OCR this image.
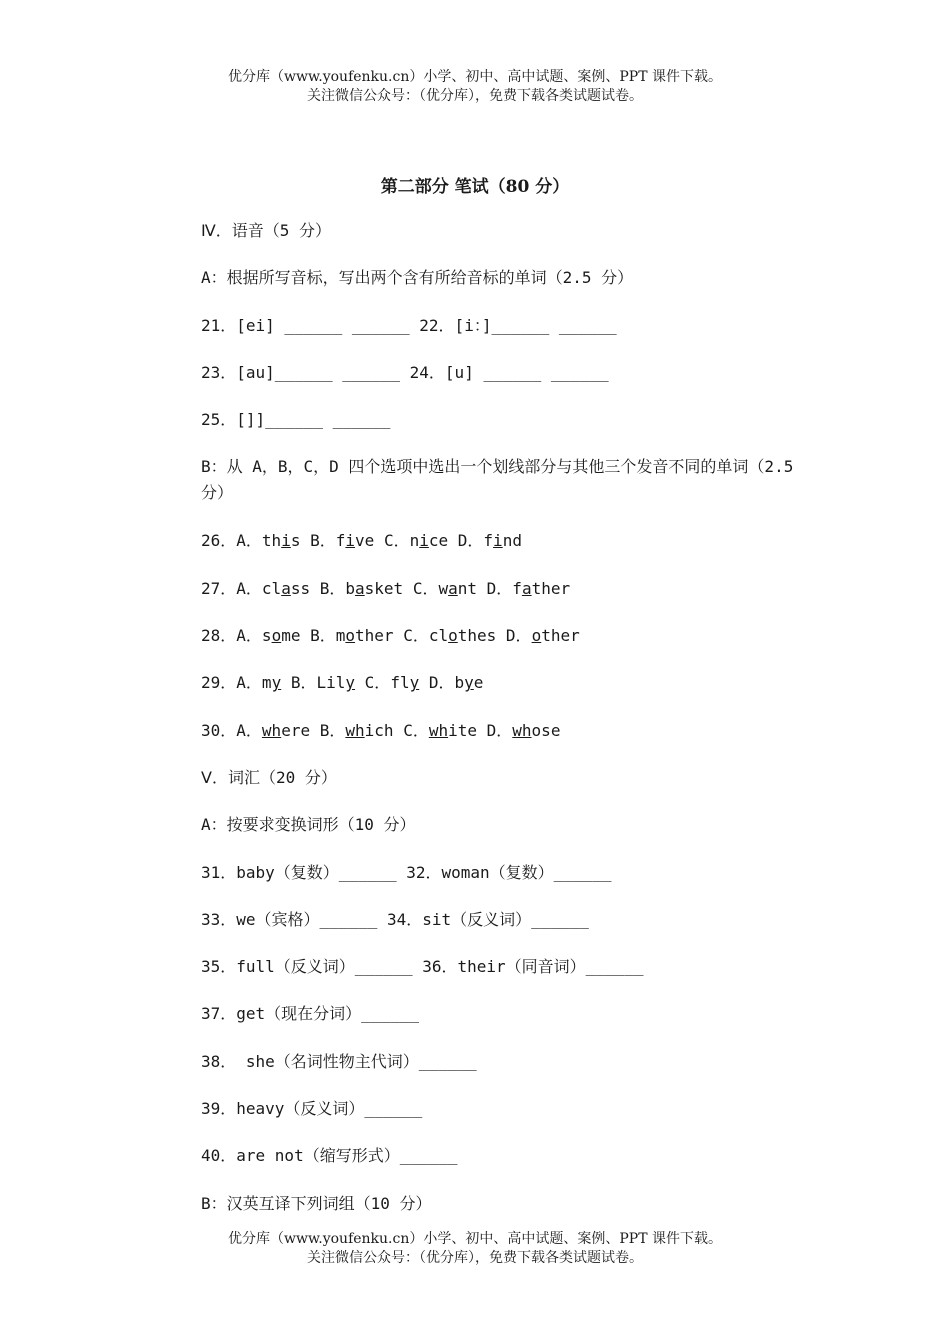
优分库（www.youfenku.cn）小学、初中、高中试题、案例、PPT 课件下载。
关注微信公众号：（优分库），免费下载各类试题试卷。
第二部分 笔试（80 分）
Ⅳ．语音（5 分）
A：根据所写音标，写出两个含有所给音标的单词（2.5 分）
21．[ei] ______ ______ 22．[i：]______ ______
23．[au]______ ______ 24．[u] ______ ______
25．[]]______ ______
B：从 A，B，C，D 四个选项中选出一个划线部分与其他三个发音不同的单词（2.5 分）
26．A．this B．five C．nice D．find
27．A．class B．basket C．want D．father
28．A．some B．mother C．clothes D．other
29．A．my B．Lily C．fly D．bye
30．A．where B．which C．white D．whose
Ⅴ．词汇（20 分）
A：按要求变换词形（10 分）
31．baby（复数）______ 32．woman（复数）______
33．we（宾格）______ 34．sit（反义词）______
35．full（反义词）______ 36．their（同音词）______
37．get（现在分词）______
38． she（名词性物主代词）______
39．heavy（反义词）______
40．are not（缩写形式）______
B：汉英互译下列词组（10 分）
优分库（www.youfenku.cn）小学、初中、高中试题、案例、PPT 课件下载。
关注微信公众号：（优分库），免费下载各类试题试卷。
